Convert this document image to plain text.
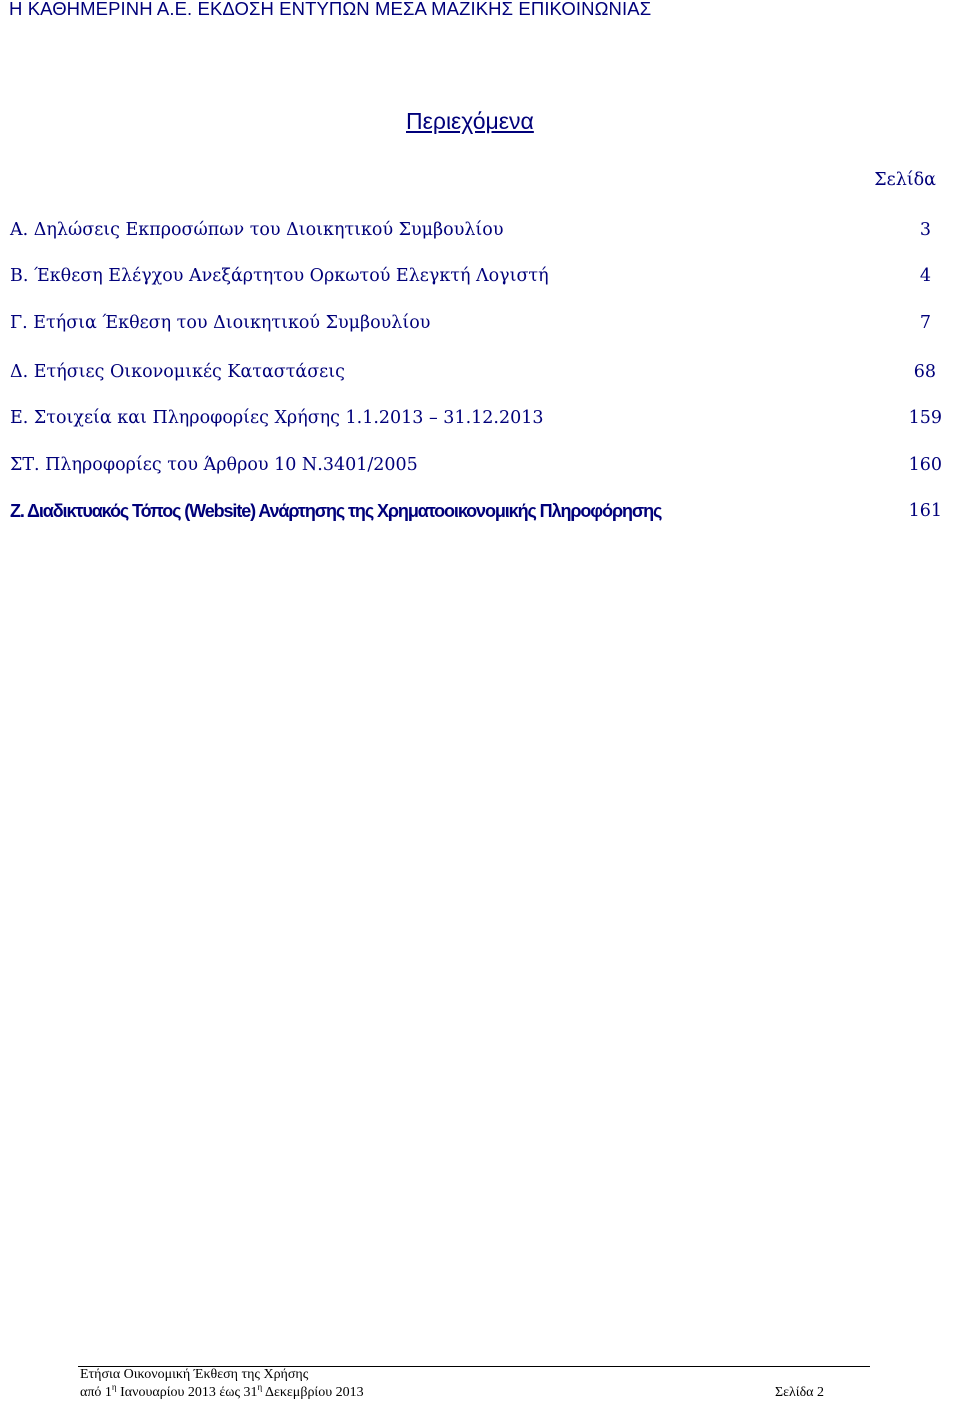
Η ΚΑΘΗΜΕΡΙΝΗ Α.Ε. ΕΚΔΟΣΗ ΕΝΤΥΠΩΝ ΜΕΣΑ ΜΑΖΙΚΗΣ ΕΠΙΚΟΙΝΩΝΙΑΣ
Περιεχόμενα
Σελίδα
Α. Δηλώσεις Εκπροσώπων του Διοικητικού Συμβουλίου	3
Β. Έκθεση Ελέγχου Ανεξάρτητου Ορκωτού Ελεγκτή Λογιστή	4
Γ. Ετήσια Έκθεση του Διοικητικού Συμβουλίου	7
Δ. Ετήσιες Οικονομικές Καταστάσεις	68
Ε. Στοιχεία και Πληροφορίες Χρήσης 1.1.2013 – 31.12.2013	159
ΣΤ. Πληροφορίες του Άρθρου 10 Ν.3401/2005	160
Ζ. Διαδικτυακός Τόπος (Website) Ανάρτησης της Χρηματοοικονομικής Πληροφόρησης	161
Ετήσια Οικονομική Έκθεση της Χρήσης
από $1^\eta$ Ιανουαρίου 2013 έως $31^\eta$ Δεκεμβρίου 2013	Σελίδα 2
